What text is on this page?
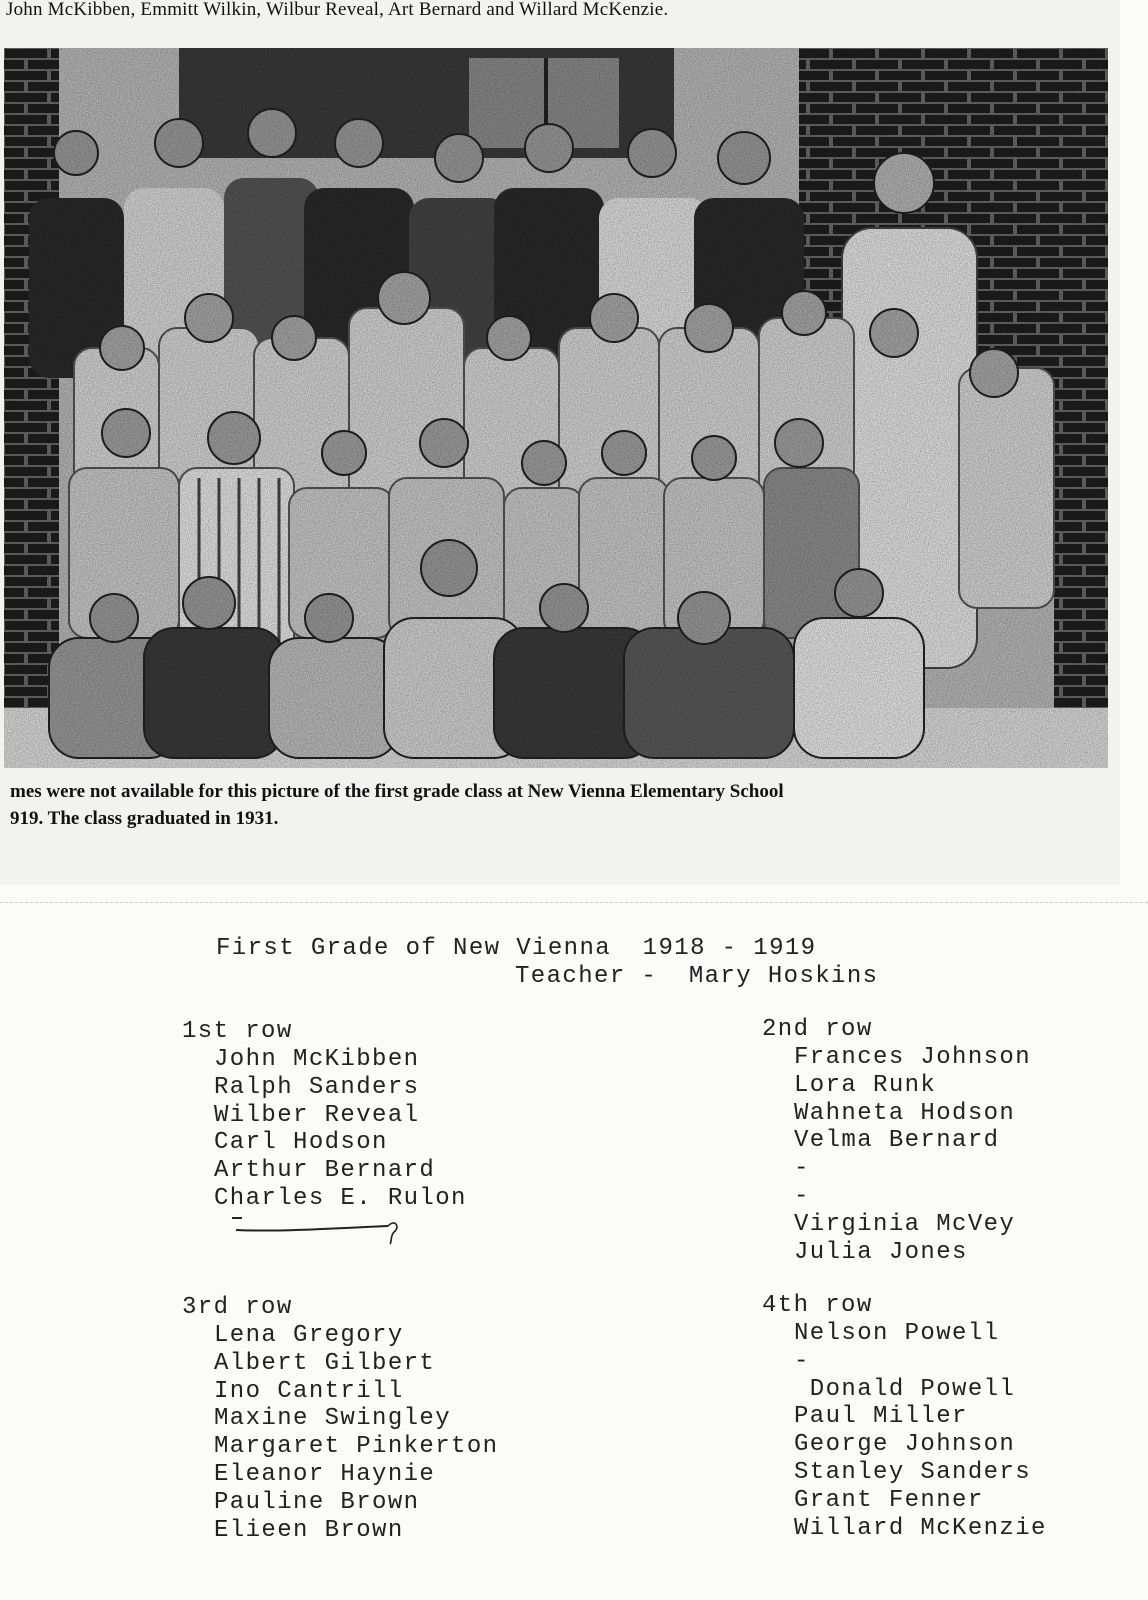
John McKibben, Emmitt Wilkin, Wilbur Reveal, Art Bernard and Willard McKenzie.
mes were not available for this picture of the first grade class at New Vienna Elementary School
919. The class graduated in 1931.
First Grade of New Vienna  1918 - 1919
Teacher -  Mary Hoskins
1st row
John McKibben
Ralph Sanders
Wilber Reveal
Carl Hodson
Arthur Bernard
Charles E. Rulon
2nd row
Frances Johnson
Lora Runk
Wahneta Hodson
Velma Bernard
-
-
Virginia McVey
Julia Jones
3rd row
Lena Gregory
Albert Gilbert
Ino Cantrill
Maxine Swingley
Margaret Pinkerton
Eleanor Haynie
Pauline Brown
Elieen Brown
4th row
Nelson Powell
-
Donald Powell
Paul Miller
George Johnson
Stanley Sanders
Grant Fenner
Willard McKenzie
